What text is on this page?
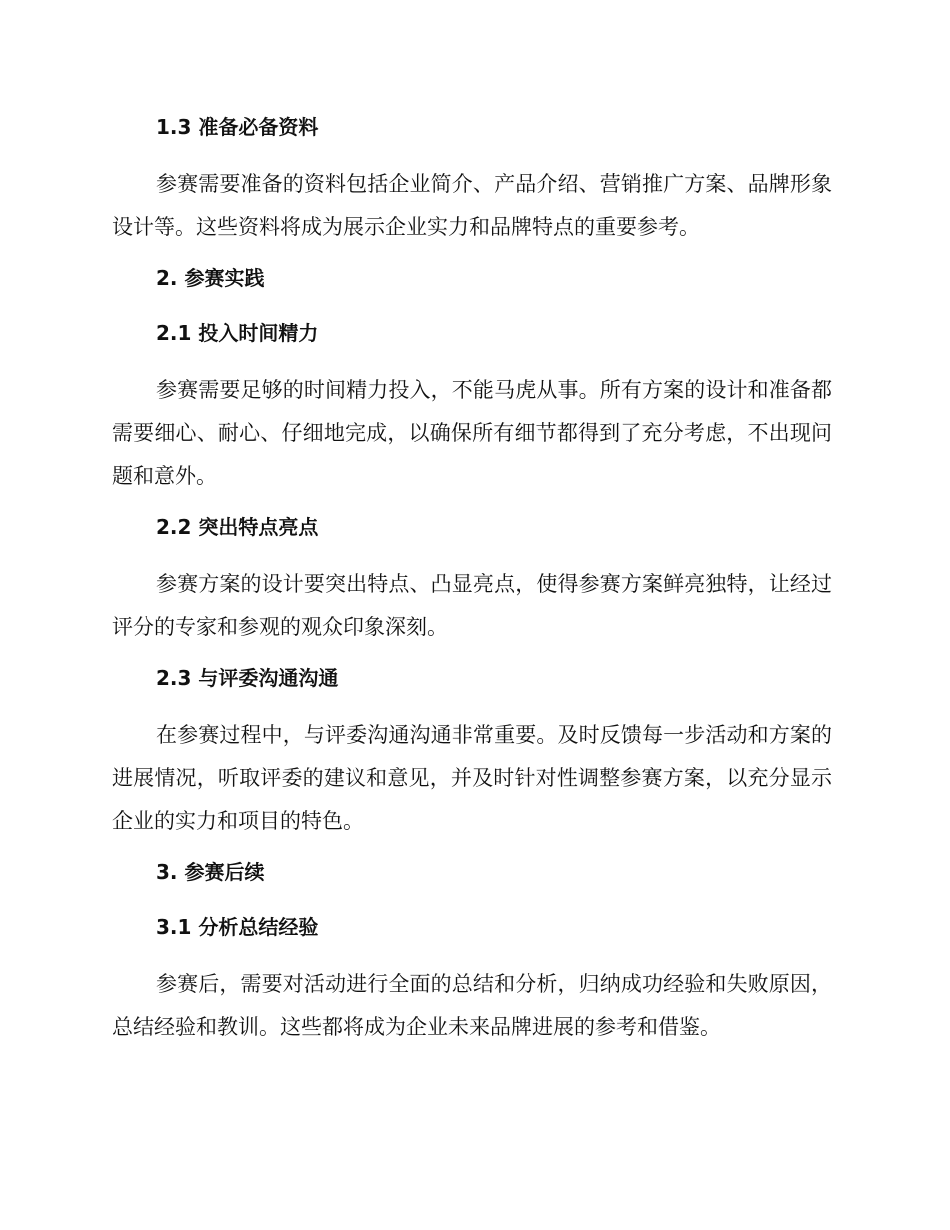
1.3 准备必备资料

参赛需要准备的资料包括企业简介、产品介绍、营销推广方案、品牌形象设计等。这些资料将成为展示企业实力和品牌特点的重要参考。

2. 参赛实践
2.1 投入时间精力

参赛需要足够的时间精力投入，不能马虎从事。所有方案的设计和准备都需要细心、耐心、仔细地完成，以确保所有细节都得到了充分考虑，不出现问题和意外。

2.2 突出特点亮点

参赛方案的设计要突出特点、凸显亮点，使得参赛方案鲜亮独特，让经过评分的专家和参观的观众印象深刻。

2.3 与评委沟通沟通

在参赛过程中，与评委沟通沟通非常重要。及时反馈每一步活动和方案的进展情况，听取评委的建议和意见，并及时针对性调整参赛方案，以充分显示企业的实力和项目的特色。

3. 参赛后续
3.1 分析总结经验

参赛后，需要对活动进行全面的总结和分析，归纳成功经验和失败原因，总结经验和教训。这些都将成为企业未来品牌进展的参考和借鉴。
